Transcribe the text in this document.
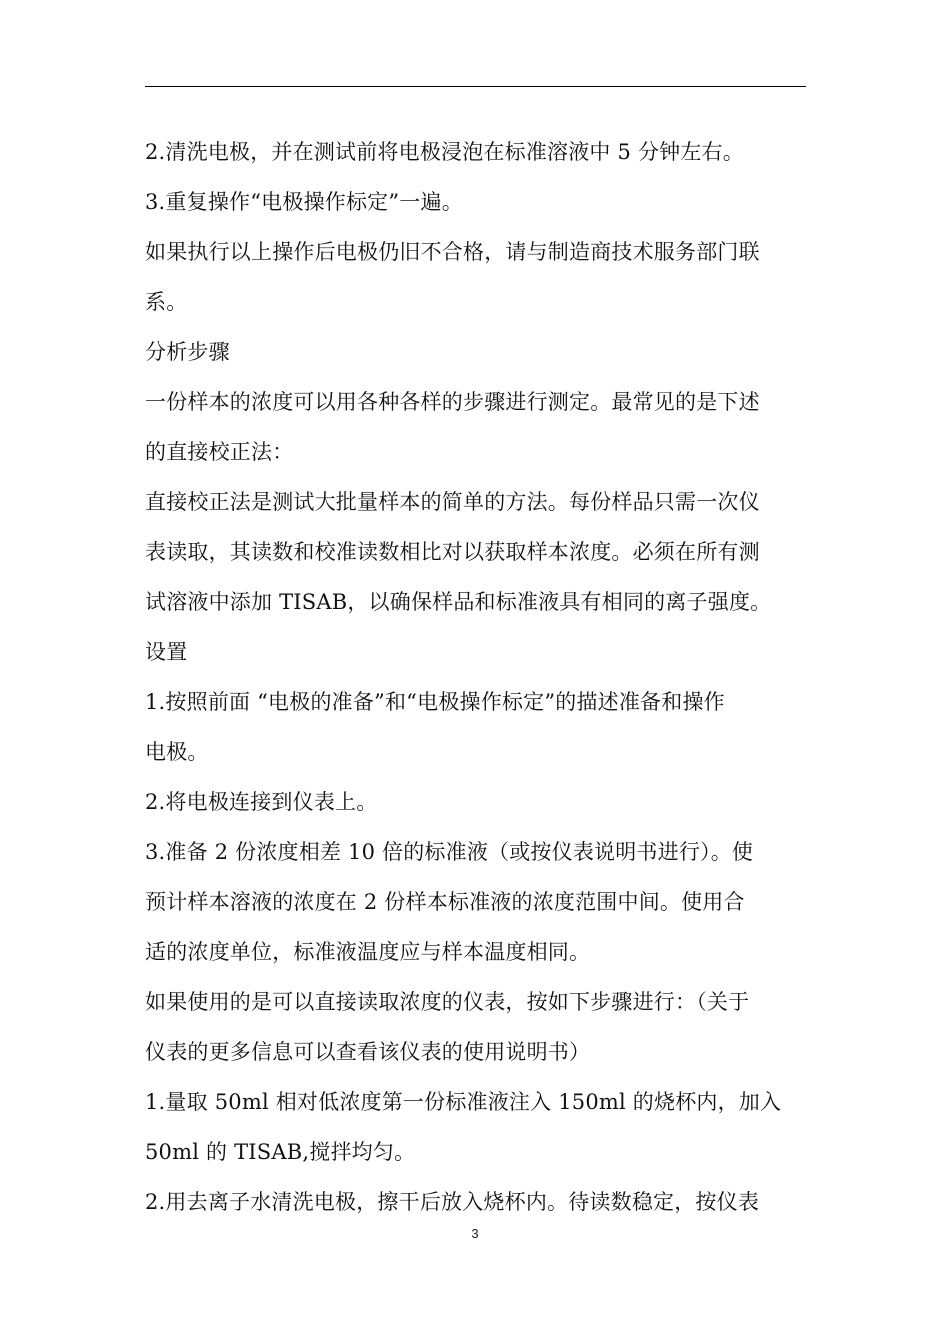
2.清洗电极，并在测试前将电极浸泡在标准溶液中 5 分钟左右。
3.重复操作“电极操作标定”一遍。
如果执行以上操作后电极仍旧不合格，请与制造商技术服务部门联
系。
分析步骤
一份样本的浓度可以用各种各样的步骤进行测定。最常见的是下述
的直接校正法：
直接校正法是测试大批量样本的简单的方法。每份样品只需一次仪
表读取，其读数和校准读数相比对以获取样本浓度。必须在所有测
试溶液中添加 TISAB，以确保样品和标准液具有相同的离子强度。
设置
1.按照前面 “电极的准备”和“电极操作标定”的描述准备和操作
电极。
2.将电极连接到仪表上。
3.准备 2 份浓度相差 10 倍的标准液（或按仪表说明书进行）。使
预计样本溶液的浓度在 2 份样本标准液的浓度范围中间。使用合
适的浓度单位，标准液温度应与样本温度相同。
如果使用的是可以直接读取浓度的仪表，按如下步骤进行：（关于
仪表的更多信息可以查看该仪表的使用说明书）
1.量取 50ml 相对低浓度第一份标准液注入 150ml 的烧杯内，加入
50ml 的 TISAB,搅拌均匀。
2.用去离子水清洗电极，擦干后放入烧杯内。待读数稳定，按仪表
3
